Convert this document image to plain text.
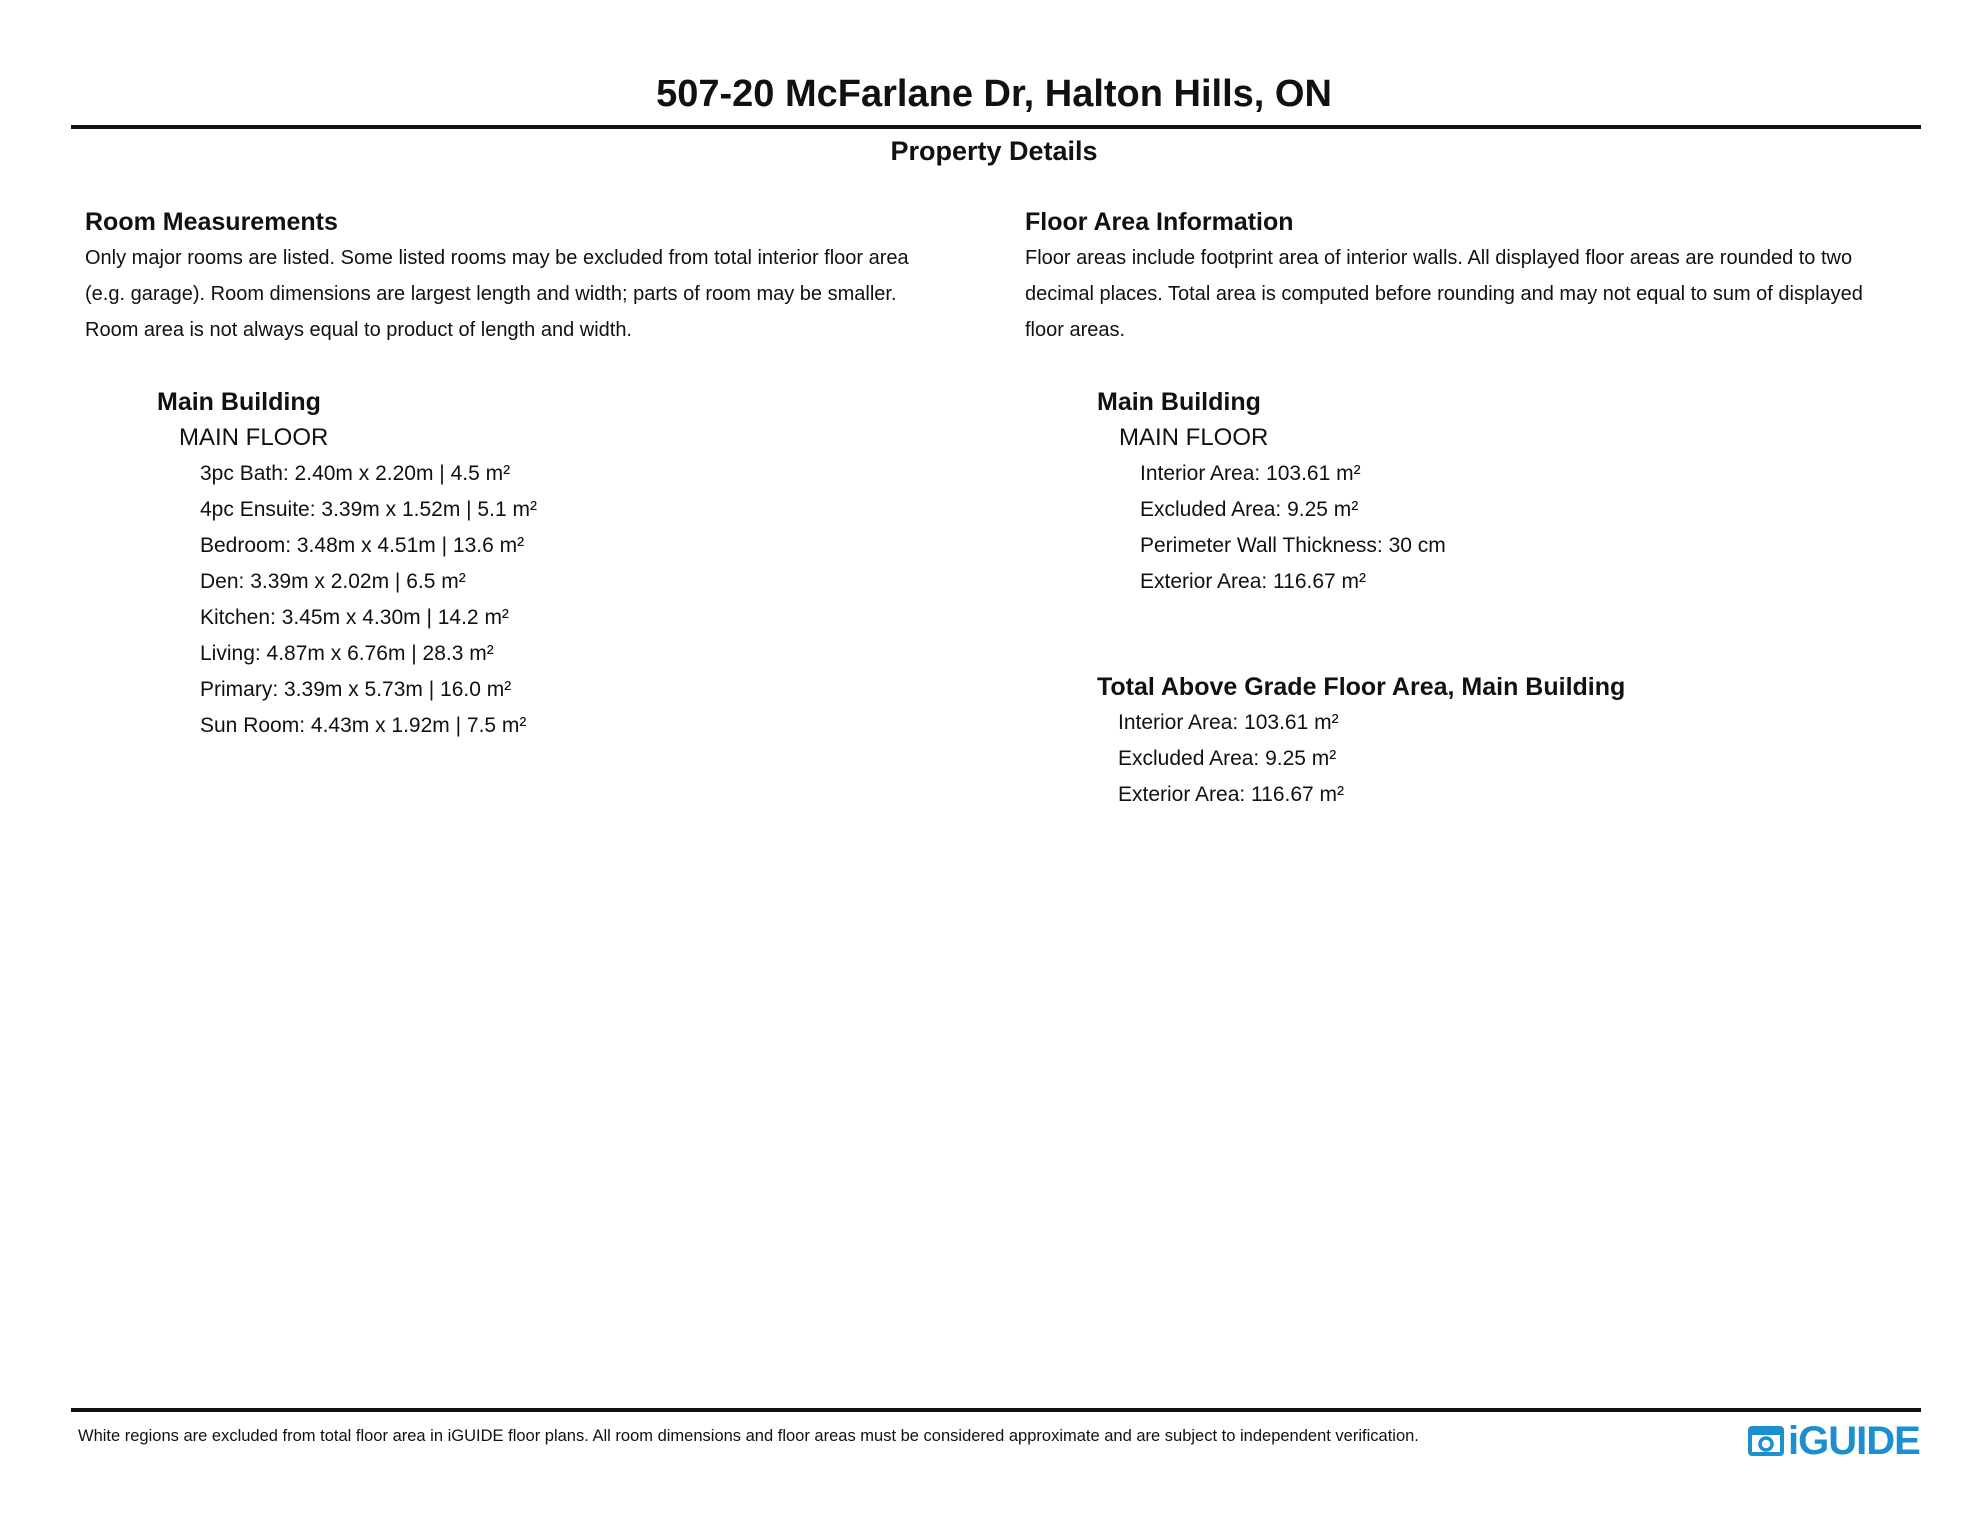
507-20 McFarlane Dr, Halton Hills, ON
Property Details

Room Measurements

Only major rooms are listed. Some listed rooms may be excluded from total interior floor area
(e.g. garage). Room dimensions are largest length and width; parts of room may be smaller.
Room area is not always equal to product of length and width.

Main Building
MAIN FLOOR
3pc Bath: 2.40m x 2.20m | 4.5 m²
4pc Ensuite: 3.39m x 1.52m | 5.1 m²
Bedroom: 3.48m x 4.51m | 13.6 m²
Den: 3.39m x 2.02m | 6.5 m²
Kitchen: 3.45m x 4.30m | 14.2 m²
Living: 4.87m x 6.76m | 28.3 m²
Primary: 3.39m x 5.73m | 16.0 m²
Sun Room: 4.43m x 1.92m | 7.5 m²

Floor Area Information

Floor areas include footprint area of interior walls. All displayed floor areas are rounded to two
decimal places. Total area is computed before rounding and may not equal to sum of displayed
floor areas.

Main Building
MAIN FLOOR
Interior Area: 103.61 m²
Excluded Area: 9.25 m²
Perimeter Wall Thickness: 30 cm
Exterior Area: 116.67 m²
Total Above Grade Floor Area, Main Building
Interior Area: 103.61 m²
Excluded Area: 9.25 m²
Exterior Area: 116.67 m²
White regions are excluded from total floor area in iGUIDE floor plans. All room dimensions and floor areas must be considered approximate and are subject to independent verification.	iGUIDE
